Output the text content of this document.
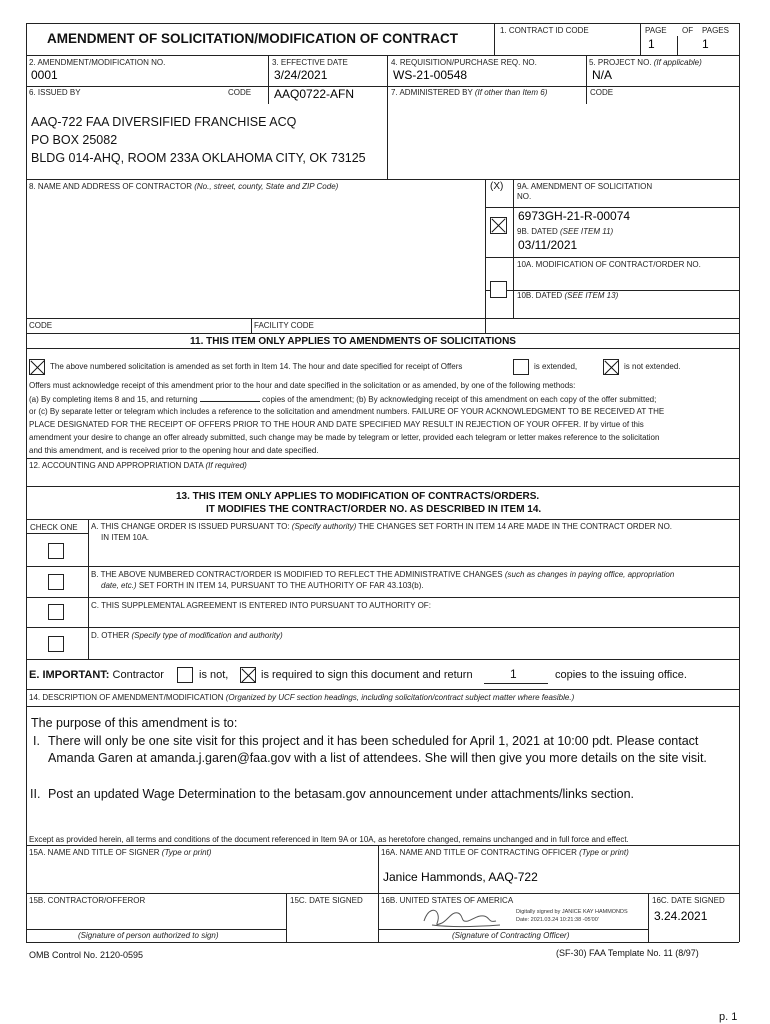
AMENDMENT OF SOLICITATION/MODIFICATION OF CONTRACT
1. CONTRACT ID CODE	PAGE OF PAGES
1	1
2. AMENDMENT/MODIFICATION NO.
0001
3. EFFECTIVE DATE
3/24/2021
4. REQUISITION/PURCHASE REQ. NO.
WS-21-00548
5. PROJECT NO. (If applicable)
N/A
6. ISSUED BY	CODE AAQ0722-AFN	7. ADMINISTERED BY (If other than Item 6)	CODE
AAQ-722 FAA DIVERSIFIED FRANCHISE ACQ
PO BOX 25082
BLDG 014-AHQ, ROOM 233A OKLAHOMA CITY, OK 73125
8. NAME AND ADDRESS OF CONTRACTOR (No., street, county, State and ZIP Code)	(X) 9A. AMENDMENT OF SOLICITATION
NO.
6973GH-21-R-00074
9B. DATED (SEE ITEM 11)
03/11/2021
10A. MODIFICATION OF CONTRACT/ORDER NO.
10B. DATED (SEE ITEM 13)
CODE	FACILITY CODE
11. THIS ITEM ONLY APPLIES TO AMENDMENTS OF SOLICITATIONS
The above numbered solicitation is amended as set forth in Item 14. The hour and date specified for receipt of Offers	is extended,	is not extended.
Offers must acknowledge receipt of this amendment prior to the hour and date specified in the solicitation or as amended, by one of the following methods:
(a) By completing items 8 and 15, and returning	copies of the amendment; (b) By acknowledging receipt of this amendment on each copy of the offer submitted;
or (c) By separate letter or telegram which includes a reference to the solicitation and amendment numbers. FAILURE OF YOUR ACKNOWLEDGMENT TO BE RECEIVED AT THE
PLACE DESIGNATED FOR THE RECEIPT OF OFFERS PRIOR TO THE HOUR AND DATE SPECIFIED MAY RESULT IN REJECTION OF YOUR OFFER. If by virtue of this
amendment your desire to change an offer already submitted, such change may be made by telegram or letter, provided each telegram or letter makes reference to the solicitation
and this amendment, and is received prior to the opening hour and date specified.
12. ACCOUNTING AND APPROPRIATION DATA (If required)
13. THIS ITEM ONLY APPLIES TO MODIFICATION OF CONTRACTS/ORDERS.
IT MODIFIES THE CONTRACT/ORDER NO. AS DESCRIBED IN ITEM 14.
CHECK ONE A. THIS CHANGE ORDER IS ISSUED PURSUANT TO: (Specify authority) THE CHANGES SET FORTH IN ITEM 14 ARE MADE IN THE CONTRACT ORDER NO.
IN ITEM 10A.
B. THE ABOVE NUMBERED CONTRACT/ORDER IS MODIFIED TO REFLECT THE ADMINISTRATIVE CHANGES (such as changes in paying office, appropriation
date, etc.) SET FORTH IN ITEM 14, PURSUANT TO THE AUTHORITY OF FAR 43.103(b).
C. THIS SUPPLEMENTAL AGREEMENT IS ENTERED INTO PURSUANT TO AUTHORITY OF:
D. OTHER (Specify type of modification and authority)
E. IMPORTANT: Contractor	is not,	is required to sign this document and return	1	copies to the issuing office.
14. DESCRIPTION OF AMENDMENT/MODIFICATION (Organized by UCF section headings, including solicitation/contract subject matter where feasible.)
The purpose of this amendment is to:
I. There will only be one site visit for this project and it has been scheduled for April 1, 2021 at 10:00 pdt. Please contact
Amanda Garen at amanda.j.garen@faa.gov with a list of attendees. She will then give you more details on the site visit.
II. Post an updated Wage Determination to the betasam.gov announcement under attachments/links section.
Except as provided herein, all terms and conditions of the document referenced in Item 9A or 10A, as heretofore changed, remains unchanged and in full force and effect.
15A. NAME AND TITLE OF SIGNER (Type or print)	16A. NAME AND TITLE OF CONTRACTING OFFICER (Type or print)
Janice Hammonds, AAQ-722
15B. CONTRACTOR/OFFEROR	15C. DATE SIGNED 16B. UNITED STATES OF AMERICA	16C. DATE SIGNED
Digitally signed by JANICE KAY HAMMONDS
Date: 2021.03.24 10:21:38 -05'00'	3.24.2021
(Signature of person authorized to sign)	(Signature of Contracting Officer)
OMB Control No. 2120-0595	(SF-30) FAA Template No. 11 (8/97)
p. 1
